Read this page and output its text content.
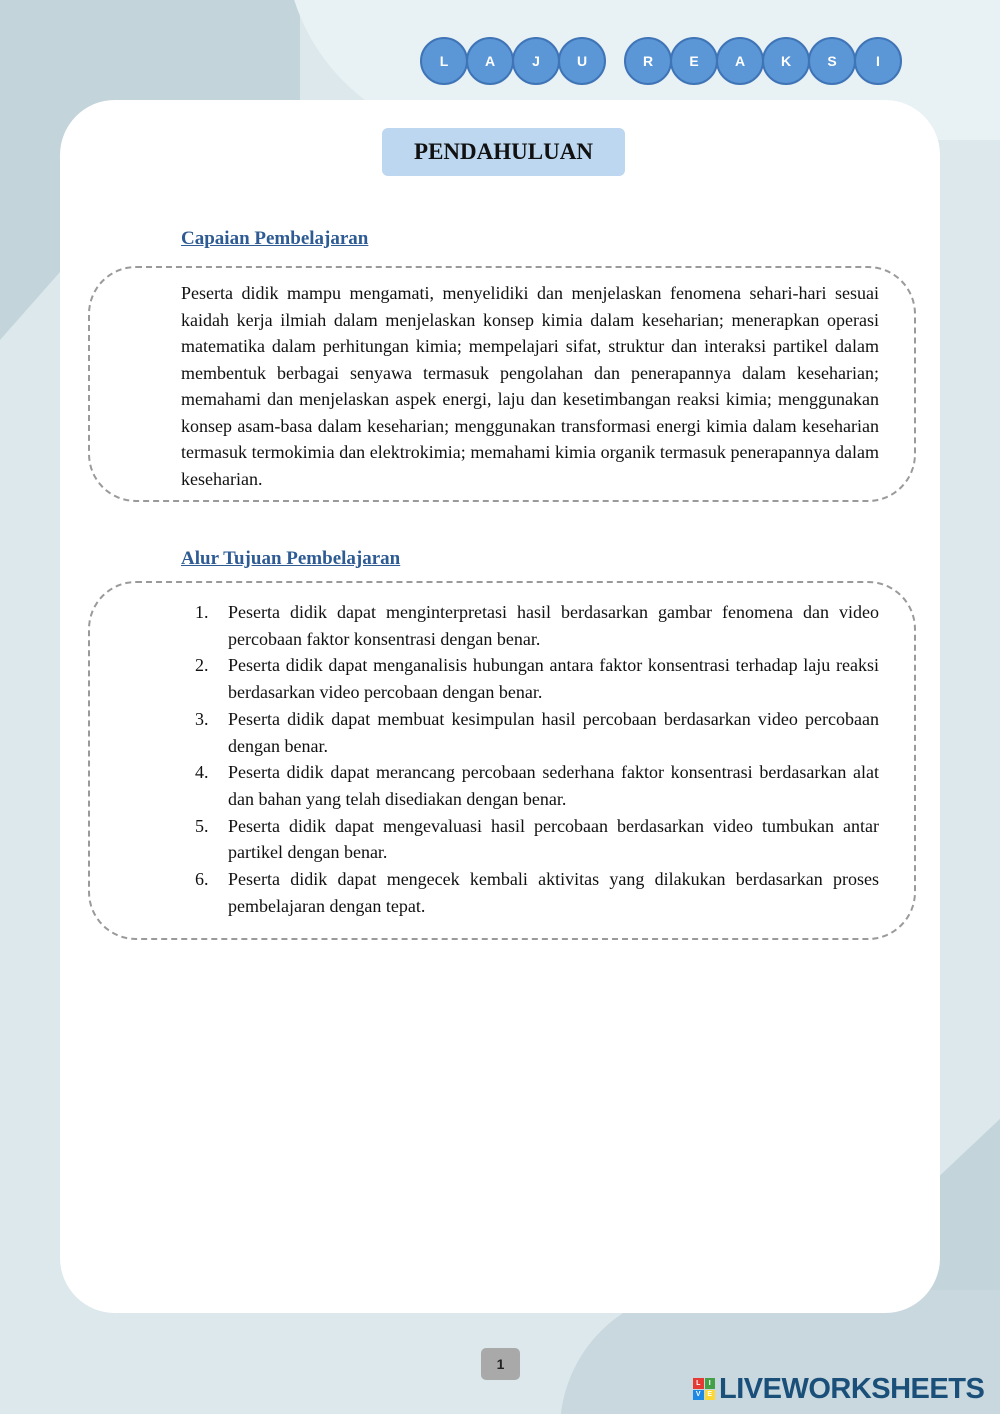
L	A	J	U	R	E	A	K	S	I
PENDAHULUAN
Capaian Pembelajaran

Peserta didik mampu mengamati, menyelidiki dan menjelaskan fenomena sehari-hari sesuai kaidah kerja ilmiah dalam menjelaskan konsep kimia dalam keseharian; menerapkan operasi matematika dalam perhitungan kimia; mempelajari sifat, struktur dan interaksi partikel dalam membentuk berbagai senyawa termasuk pengolahan dan penerapannya dalam keseharian; memahami dan menjelaskan aspek energi, laju dan kesetimbangan reaksi kimia; menggunakan konsep asam-basa dalam keseharian; menggunakan transformasi energi kimia dalam keseharian termasuk termokimia dan elektrokimia; memahami kimia organik termasuk penerapannya dalam keseharian.

Alur Tujuan Pembelajaran
1.	Peserta didik dapat menginterpretasi hasil berdasarkan gambar fenomena dan video percobaan faktor konsentrasi dengan benar.
2.	Peserta didik dapat menganalisis hubungan antara faktor konsentrasi terhadap laju reaksi berdasarkan video percobaan dengan benar.
3.	Peserta didik dapat membuat kesimpulan hasil percobaan berdasarkan video percobaan dengan benar.
4.	Peserta didik dapat merancang percobaan sederhana faktor konsentrasi berdasarkan alat dan bahan yang telah disediakan dengan benar.
5.	Peserta didik dapat mengevaluasi hasil percobaan berdasarkan video tumbukan antar partikel dengan benar.
6.	Peserta didik dapat mengecek kembali aktivitas yang dilakukan berdasarkan proses pembelajaran dengan tepat.
1
L	I
V E LIVEWORKSHEETS
